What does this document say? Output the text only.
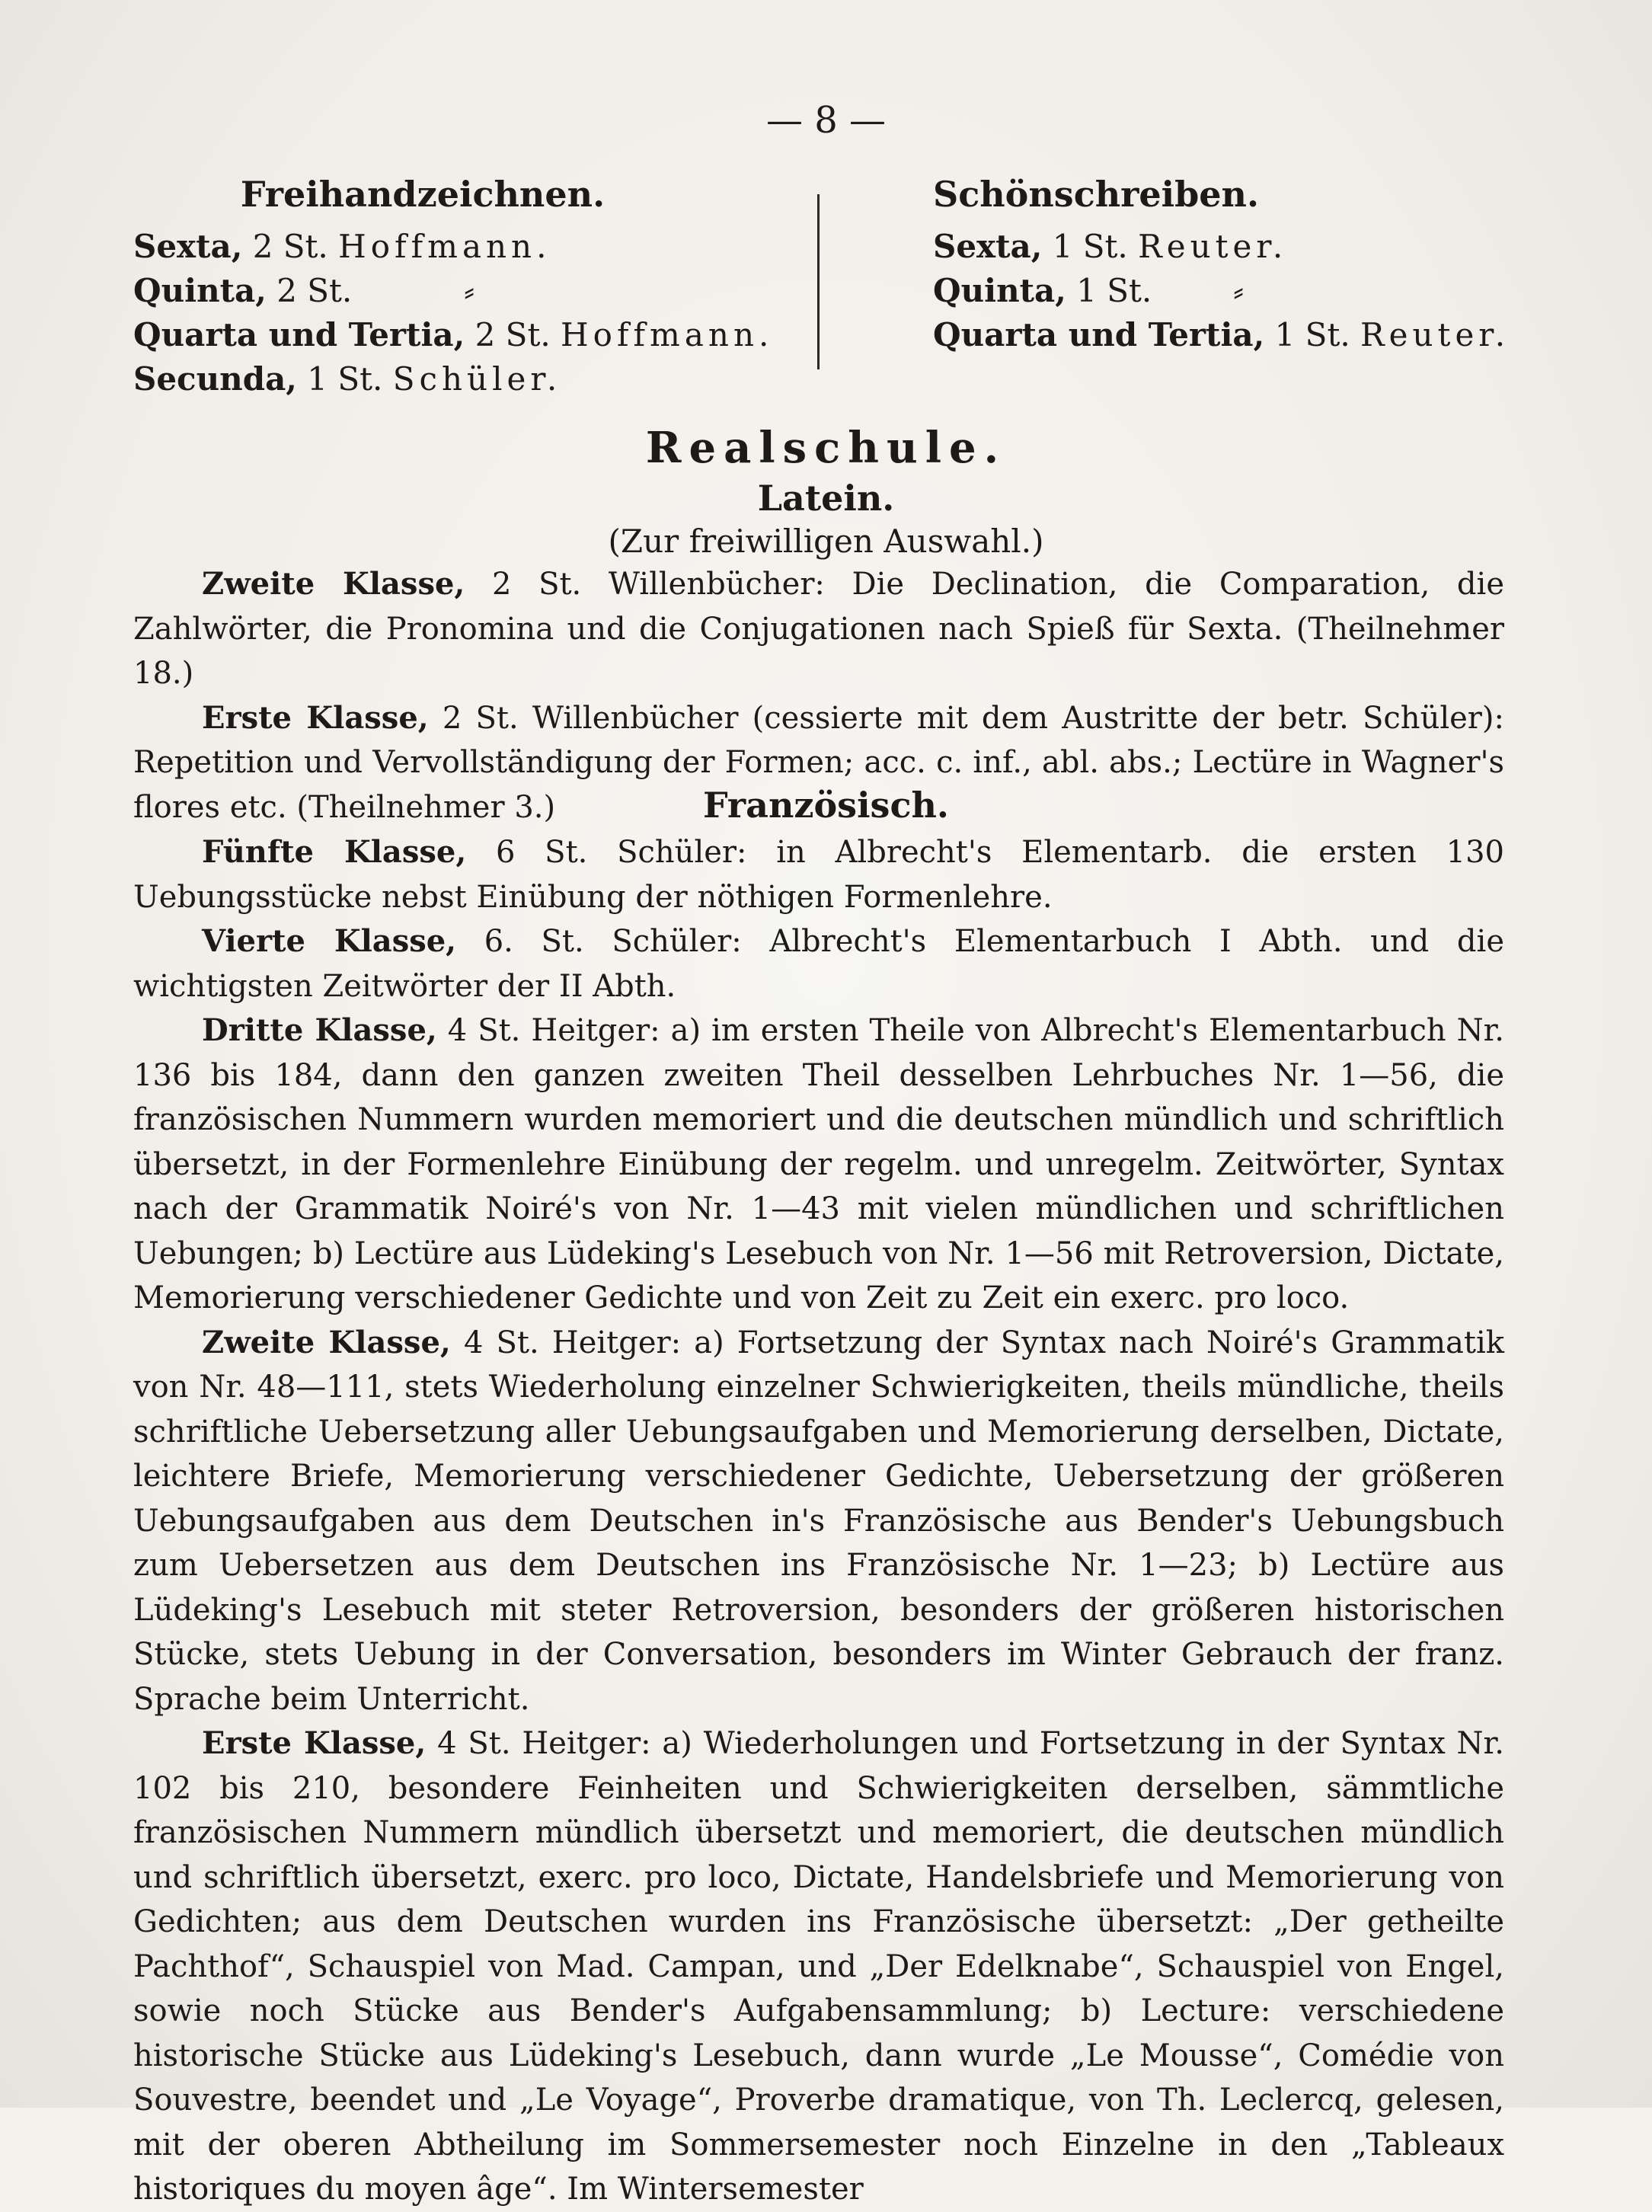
— 8 —

Freihandzeichnen.

Sexta, 2 St. Hoffmann.

Quinta, 2 St.           ⸗

Quarta und Tertia, 2 St. Hoffmann.

Secunda, 1 St. Schüler.

Schönschreiben.

Sexta, 1 St. Reuter.

Quinta, 1 St.        ⸗

Quarta und Tertia, 1 St. Reuter.

Realschule.

Latein.

(Zur freiwilligen Auswahl.)

Zweite Klasse, 2 St. Willenbücher: Die Declination, die Comparation, die Zahlwörter, die Pronomina und die Conjugationen nach Spieß für Sexta. (Theilnehmer 18.)

Erste Klasse, 2 St. Willenbücher (cessierte mit dem Austritte der betr. Schüler): Repetition und Vervollständigung der Formen; acc. c. inf., abl. abs.; Lectüre in Wagner's flores etc. (Theilnehmer 3.)	Französisch.

Fünfte Klasse, 6 St. Schüler: in Albrecht's Elementarb. die ersten 130 Uebungsstücke nebst Einübung der nöthigen Formenlehre.

Vierte Klasse, 6. St. Schüler: Albrecht's Elementarbuch I Abth. und die wichtigsten Zeitwörter der II Abth.

Dritte Klasse, 4 St. Heitger: a) im ersten Theile von Albrecht's Elementarbuch Nr. 136 bis 184, dann den ganzen zweiten Theil desselben Lehrbuches Nr. 1—56, die französischen Nummern wurden memoriert und die deutschen mündlich und schriftlich übersetzt, in der Formenlehre Einübung der regelm. und unregelm. Zeitwörter, Syntax nach der Grammatik Noiré's von Nr. 1—43 mit vielen mündlichen und schriftlichen Uebungen; b) Lectüre aus Lüdeking's Lesebuch von Nr. 1—56 mit Retroversion, Dictate, Memorierung verschiedener Gedichte und von Zeit zu Zeit ein exerc. pro loco.

Zweite Klasse, 4 St. Heitger: a) Fortsetzung der Syntax nach Noiré's Grammatik von Nr. 48—111, stets Wiederholung einzelner Schwierigkeiten, theils mündliche, theils schriftliche Uebersetzung aller Uebungsaufgaben und Memorierung derselben, Dictate, leichtere Briefe, Memorierung verschiedener Gedichte, Uebersetzung der größeren Uebungsaufgaben aus dem Deutschen in's Französische aus Bender's Uebungsbuch zum Uebersetzen aus dem Deutschen ins Französische Nr. 1—23; b) Lectüre aus Lüdeking's Lesebuch mit steter Retroversion, besonders der größeren historischen Stücke, stets Uebung in der Conversation, besonders im Winter Gebrauch der franz. Sprache beim Unterricht.

Erste Klasse, 4 St. Heitger: a) Wiederholungen und Fortsetzung in der Syntax Nr. 102 bis 210, besondere Feinheiten und Schwierigkeiten derselben, sämmtliche französischen Nummern mündlich übersetzt und memoriert, die deutschen mündlich und schriftlich übersetzt, exerc. pro loco, Dictate, Handelsbriefe und Memorierung von Gedichten; aus dem Deutschen wurden ins Französische übersetzt: „Der getheilte Pachthof“, Schauspiel von Mad. Campan, und „Der Edelknabe“, Schauspiel von Engel, sowie noch Stücke aus Bender's Aufgabensammlung; b) Lecture: verschiedene historische Stücke aus Lüdeking's Lesebuch, dann wurde „Le Mousse“, Comédie von Souvestre, beendet und „Le Voyage“, Proverbe dramatique, von Th. Leclercq, gelesen, mit der oberen Abtheilung im Sommersemester noch Einzelne in den „Tableaux historiques du moyen âge“. Im Wintersemester
